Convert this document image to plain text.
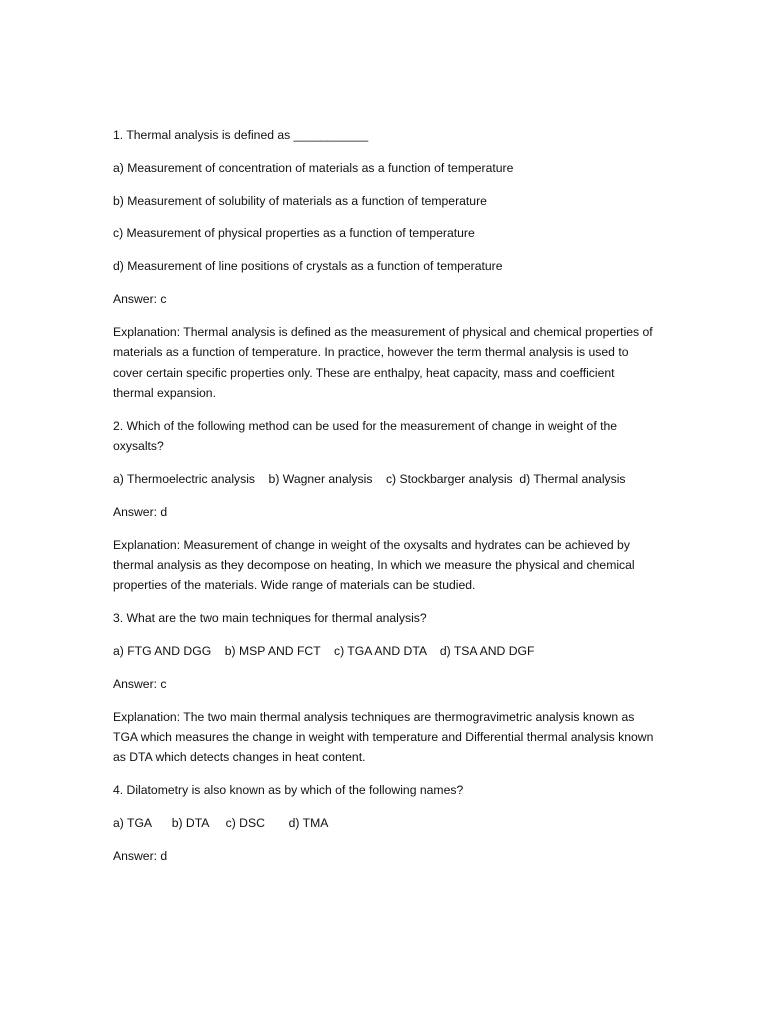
1. Thermal analysis is defined as ___________

a) Measurement of concentration of materials as a function of temperature

b) Measurement of solubility of materials as a function of temperature

c) Measurement of physical properties as a function of temperature

d) Measurement of line positions of crystals as a function of temperature

Answer: c

Explanation: Thermal analysis is defined as the measurement of physical and chemical properties of materials as a function of temperature. In practice, however the term thermal analysis is used to cover certain specific properties only. These are enthalpy, heat capacity, mass and coefficient thermal expansion.

2. Which of the following method can be used for the measurement of change in weight of the oxysalts?

a) Thermoelectric analysis    b) Wagner analysis    c) Stockbarger analysis  d) Thermal analysis

Answer: d

Explanation: Measurement of change in weight of the oxysalts and hydrates can be achieved by thermal analysis as they decompose on heating, In which we measure the physical and chemical properties of the materials. Wide range of materials can be studied.

3. What are the two main techniques for thermal analysis?

a) FTG AND DGG    b) MSP AND FCT    c) TGA AND DTA    d) TSA AND DGF

Answer: c

Explanation: The two main thermal analysis techniques are thermogravimetric analysis known as TGA which measures the change in weight with temperature and Differential thermal analysis known as DTA which detects changes in heat content.

4. Dilatometry is also known as by which of the following names?

a) TGA      b) DTA     c) DSC       d) TMA

Answer: d
